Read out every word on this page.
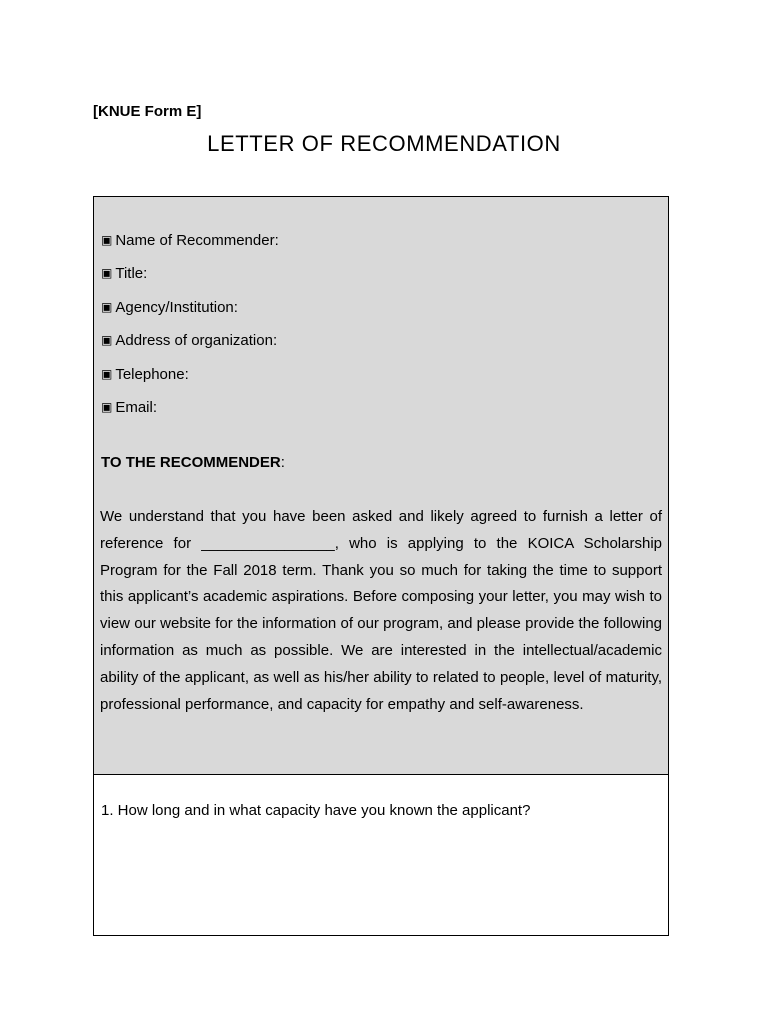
[KNUE Form E]
LETTER OF RECOMMENDATION

▣ Name of Recommender:

▣ Title:

▣ Agency/Institution:

▣ Address of organization:

▣ Telephone:

▣ Email:

TO THE RECOMMENDER:

We understand that you have been asked and likely agreed to furnish a letter of reference for ________________, who is applying to the KOICA Scholarship Program for the Fall 2018 term. Thank you so much for taking the time to support this applicant’s academic aspirations. Before composing your letter, you may wish to view our website for the information of our program, and please provide the following information as much as possible. We are interested in the intellectual/academic ability of the applicant, as well as his/her ability to related to people, level of maturity, professional performance, and capacity for empathy and self-awareness.

1. How long and in what capacity have you known the applicant?
